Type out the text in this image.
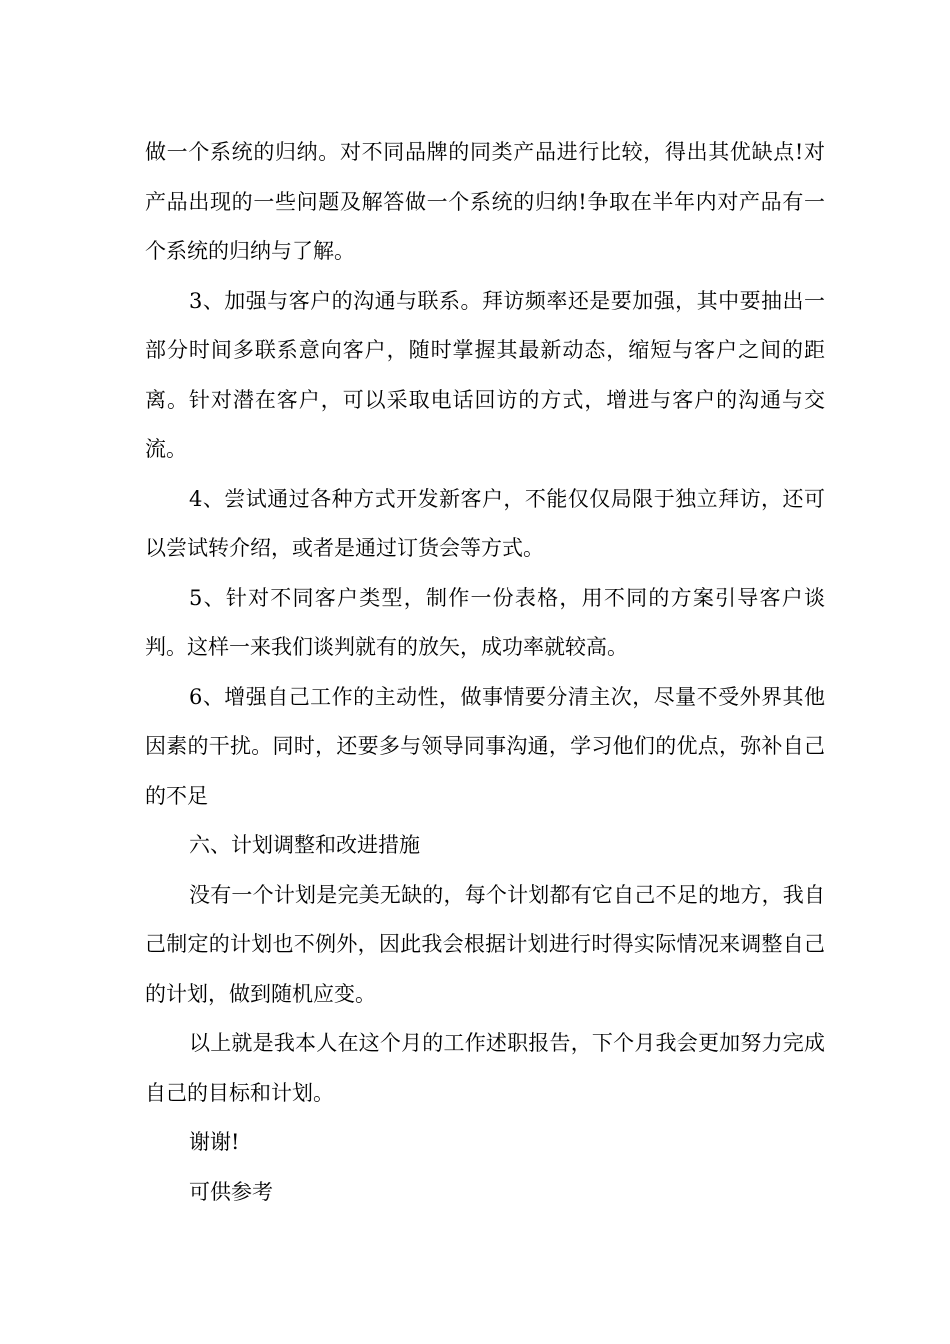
做一个系统的归纳。对不同品牌的同类产品进行比较，得出其优缺点!对产品出现的一些问题及解答做一个系统的归纳!争取在半年内对产品有一个系统的归纳与了解。

3、加强与客户的沟通与联系。拜访频率还是要加强，其中要抽出一部分时间多联系意向客户，随时掌握其最新动态，缩短与客户之间的距离。针对潜在客户，可以采取电话回访的方式，增进与客户的沟通与交流。

4、尝试通过各种方式开发新客户，不能仅仅局限于独立拜访，还可以尝试转介绍，或者是通过订货会等方式。

5、针对不同客户类型，制作一份表格，用不同的方案引导客户谈判。这样一来我们谈判就有的放矢，成功率就较高。

6、增强自己工作的主动性，做事情要分清主次，尽量不受外界其他因素的干扰。同时，还要多与领导同事沟通，学习他们的优点，弥补自己的不足

六、计划调整和改进措施

没有一个计划是完美无缺的，每个计划都有它自己不足的地方，我自己制定的计划也不例外，因此我会根据计划进行时得实际情况来调整自己的计划，做到随机应变。

以上就是我本人在这个月的工作述职报告，下个月我会更加努力完成自己的目标和计划。

谢谢!

可供参考
